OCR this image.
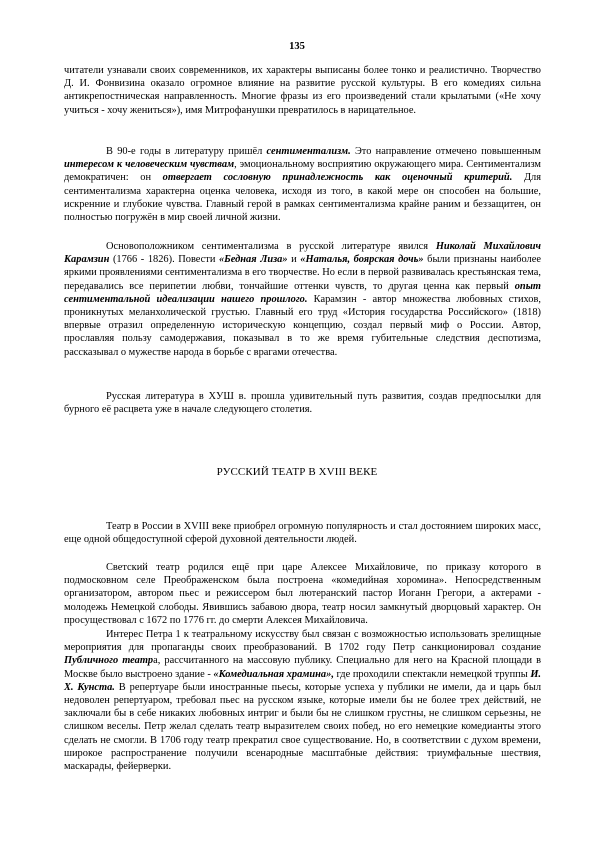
135

читатели узнавали своих современников, их характеры выписаны более тонко и реалистично. Творчество Д. И. Фонвизина оказало огромное влияние на развитие русской культуры. В его комедиях сильна антикрепостническая направленность. Многие фразы из его произведений стали крылатыми («Не хочу учиться - хочу жениться»), имя Митрофанушки превратилось в нарицательное.

В 90-е годы в литературу пришёл сентиментализм. Это направление отмечено повышенным интересом к человеческим чувствам, эмоциональному восприятию окружающего мира. Сентиментализм демократичен: он отвергает сословную принадлежность как оценочный критерий. Для сентиментализма характерна оценка человека, исходя из того, в какой мере он способен на большие, искренние и глубокие чувства. Главный герой в рамках сентиментализма крайне раним и беззащитен, он полностью погружён в мир своей личной жизни.

Основоположником сентиментализма в русской литературе явился Николай Михайлович Карамзин (1766 - 1826). Повести «Бедная Лиза» и «Наталья, боярская дочь» были признаны наиболее яркими проявлениями сентиментализма в его творчестве. Но если в первой развивалась крестьянская тема, передавались все перипетии любви, тончайшие оттенки чувств, то другая ценна как первый опыт сентиментальной идеализации нашего прошлого. Карамзин - автор множества любовных стихов, проникнутых меланхолической грустью. Главный его труд «История государства Российского» (1818) впервые отразил определенную историческую концепцию, создал первый миф о России. Автор, прославляя пользу самодержавия, показывал в то же время губительные следствия деспотизма, рассказывал о мужестве народа в борьбе с врагами отечества.

Русская литература в ХУШ в. прошла удивительный путь развития, создав предпосылки для бурного её расцвета уже в начале следующего столетия.

РУССКИЙ ТЕАТР В XVIII ВЕКЕ

Театр в России в XVIII веке приобрел огромную популярность и стал достоянием широких масс, еще одной общедоступной сферой духовной деятельности людей.

Светский театр родился ещё при царе Алексее Михайловиче, по приказу которого в подмосковном селе Преображенском была построена «комедийная хоромина». Непосредственным организатором, автором пьес и режиссером был лютеранский пастор Иоганн Грегори, а актерами - молодежь Немецкой слободы. Явившись забавою двора, театр носил замкнутый дворцовый характер. Он просуществовал с 1672 по 1776 гг. до смерти Алексея Михайловича.

Интерес Петра 1 к театральному искусству был связан с возможностью использовать зрелищные мероприятия для пропаганды своих преобразований. В 1702 году Петр санкционировал создание Публичного театра, рассчитанного на массовую публику. Специально для него на Красной площади в Москве было выстроено здание - «Комедиальная храмина», где проходили спектакли немецкой труппы И. Х. Кунста. В репертуаре были иностранные пьесы, которые успеха у публики не имели, да и царь был недоволен репертуаром, требовал пьес на русском языке, которые имели бы не более трех действий, не заключали бы в себе никаких любовных интриг и были бы не слишком грустны, не слишком серьезны, не слишком веселы. Петр желал сделать театр выразителем своих побед, но его немецкие комедианты этого сделать не смогли. В 1706 году театр прекратил свое существование. Но, в соответствии с духом времени, широкое распространение получили всенародные масштабные действия: триумфальные шествия, маскарады, фейерверки.
